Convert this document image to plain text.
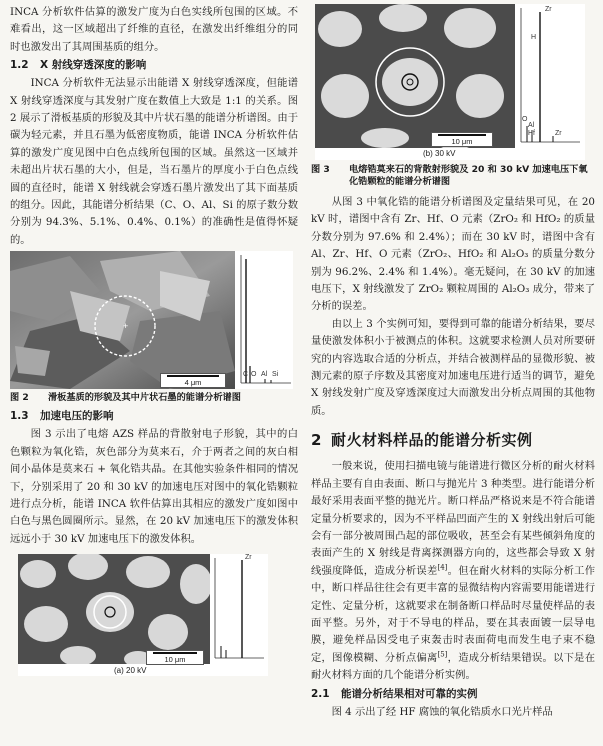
INCA 分析软件估算的激发广度为白色实线所包围的区域。不难看出，这一区域超出了纤维的直径，在激发出纤维组分的同时也激发出了其周围基质的组分。

1.2 X 射线穿透深度的影响

INCA 分析软件无法显示出能谱 X 射线穿透深度，但能谱 X 射线穿透深度与其发射广度在数值上大致是 1:1 的关系。图 2 展示了滑板基质的形貌及其中片状石墨的能谱分析谱图。由于碳为轻元素，并且石墨为低密度物质，能谱 INCA 分析软件估算的激发广度见图中白色点线所包围的区域。虽然这一区域并未超出片状石墨的大小，但是，当石墨片的厚度小于白色点线圆的直径时，能谱 X 射线就会穿透石墨片激发出了其下面基质的组分。因此，其能谱分析结果（C、O、Al、Si 的原子数分数分别为 94.3%、5.1%、0.4%、0.1%）的准确性是值得怀疑的。

+
4 μm
C O Al Si
图 2	滑板基质的形貌及其中片状石墨的能谱分析谱图
1.3 加速电压的影响

图 3 示出了电熔 AZS 样品的背散射电子形貌，其中的白色颗粒为氧化锆，灰色部分为莫来石，介于两者之间的灰白相间小晶体是莫来石 + 氧化锆共晶。在其他实验条件相同的情况下，分别采用了 20 和 30 kV 的加速电压对图中的氧化锆颗粒进行点分析，能谱 INCA 软件估算出其相应的激发广度如图中白色与黑色圆圈所示。显然，在 20 kV 加速电压下的激发体积远远小于 30 kV 加速电压下的激发体积。

10 μm
Zr
(a) 20 kV
10 μm
Zr
H
O
Al
Hf	Zr
(b) 30 kV
图 3	电熔锆莫来石的背散射形貌及 20 和 30 kV 加速电压下氧化锆颗粒的能谱分析谱图

从图 3 中氧化锆的能谱分析谱图及定量结果可见，在 20 kV 时，谱图中含有 Zr、Hf、O 元素（ZrO₂ 和 HfO₂ 的质量分数分别为 97.6% 和 2.4%）；而在 30 kV 时，谱图中含有 Al、Zr、Hf、O 元素（ZrO₂、HfO₂ 和 Al₂O₃ 的质量分数分别为 96.2%、2.4% 和 1.4%）。毫无疑问，在 30 kV 的加速电压下，X 射线激发了 ZrO₂ 颗粒周围的 Al₂O₃ 成分，带来了分析的误差。

由以上 3 个实例可知，要得到可靠的能谱分析结果，要尽量使激发体积小于被测点的体积。这就要求检测人员对所要研究的内容选取合适的分析点，并结合被测样品的显微形貌、被测元素的原子序数及其密度对加速电压进行适当的调节，避免 X 射线发射广度及穿透深度过大而激发出分析点周围的其他物质。

2 耐火材料样品的能谱分析实例

一般来说，使用扫描电镜与能谱进行微区分析的耐火材料样品主要有自由表面、断口与抛光片 3 种类型。进行能谱分析最好采用表面平整的抛光片。断口样品严格说来是不符合能谱定量分析要求的，因为不平样品凹面产生的 X 射线出射后可能会有一部分被周围凸起的部位吸收，甚至会有某些倾斜角度的表面产生的 X 射线是背离探测器方向的，这些都会导致 X 射线强度降低，造成分析误差[4]。但在耐火材料的实际分析工作中，断口样品往往会有更丰富的显微结构内容需要用能谱进行定性、定量分析，这就要求在制备断口样品时尽量使样品的表面平整。另外，对于不导电的样品，要在其表面镀一层导电膜，避免样品因受电子束轰击时表面荷电而发生电子束不稳定，图像模糊、分析点偏离[5]，造成分析结果错误。以下是在耐火材料方面的几个能谱分析实例。

2.1 能谱分析结果相对可靠的实例

图 4 示出了经 HF 腐蚀的氧化锆质水口光片样品
